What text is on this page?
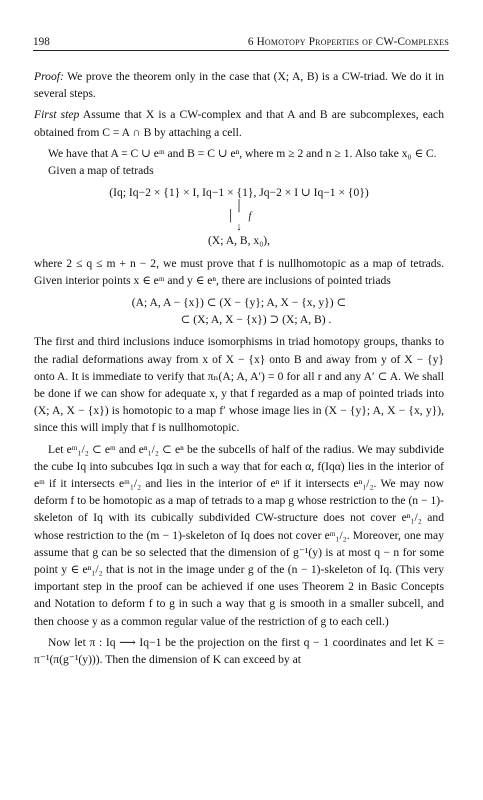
198	6 Homotopy Properties of CW-Complexes

Proof: We prove the theorem only in the case that (X; A, B) is a CW-triad. We do it in several steps.

First step Assume that X is a CW-complex and that A and B are subcomplexes, each obtained from C = A ∩ B by attaching a cell.

We have that A = C ∪ eᵐ and B = C ∪ eⁿ, where m ≥ 2 and n ≥ 1. Also take x₀ ∈ C.

Given a map of tetrads

(Iq; Iq−2 × {1} × I, Iq−1 × {1}, Jq−2 × I ∪ Iq−1 × {0})
│
│ f
↓
(X; A, B, x₀),

where 2 ≤ q ≤ m + n − 2, we must prove that f is nullhomotopic as a map of tetrads. Given interior points x ∈ eᵐ and y ∈ eⁿ, there are inclusions of pointed triads

(A; A, A − {x}) ⊂ (X − {y}; A, X − {x, y}) ⊂
⊂ (X; A, X − {x}) ⊃ (X; A, B) .

The first and third inclusions induce isomorphisms in triad homotopy groups, thanks to the radial deformations away from x of X − {x} onto B and away from y of X − {y} onto A. It is immediate to verify that πₙ(A; A, A′) = 0 for all r and any A′ ⊂ A. We shall be done if we can show for adequate x, y that f regarded as a map of pointed triads into (X; A, X − {x}) is homotopic to a map f′ whose image lies in (X − {y}; A, X − {x, y}), since this will imply that f is nullhomotopic.

Let eᵐ₁/₂ ⊂ eᵐ and eⁿ₁/₂ ⊂ eⁿ be the subcells of half of the radius. We may subdivide the cube Iq into subcubes Iqα in such a way that for each α, f(Iqα) lies in the interior of eᵐ if it intersects eᵐ₁/₂ and lies in the interior of eⁿ if it intersects eⁿ₁/₂. We may now deform f to be homotopic as a map of tetrads to a map g whose restriction to the (n − 1)-skeleton of Iq with its cubically subdivided CW-structure does not cover eⁿ₁/₂ and whose restriction to the (m − 1)-skeleton of Iq does not cover eᵐ₁/₂. Moreover, one may assume that g can be so selected that the dimension of g⁻¹(y) is at most q − n for some point y ∈ eⁿ₁/₂ that is not in the image under g of the (n − 1)-skeleton of Iq. (This very important step in the proof can be achieved if one uses Theorem 2 in Basic Concepts and Notation to deform f to g in such a way that g is smooth in a smaller subcell, and then choose y as a common regular value of the restriction of g to each cell.)

Now let π : Iq ⟶ Iq−1 be the projection on the first q − 1 coordinates and let K = π⁻¹(π(g⁻¹(y))). Then the dimension of K can exceed by at
